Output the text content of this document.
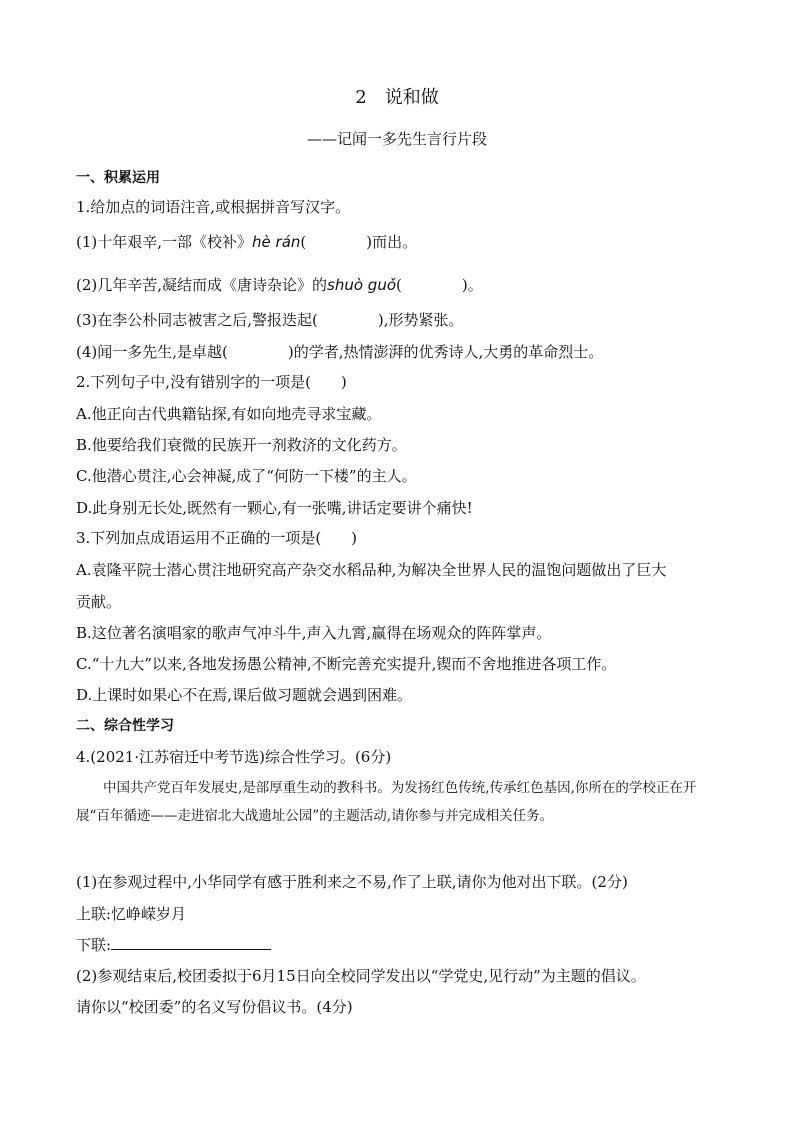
2　说和做
——记闻一多先生言行片段
一、积累运用
1.给加点的词语注音,或根据拼音写汉字。
(1)十年艰辛,一部《校补》hè rán(　　　　)而出。
(2)几年辛苦,凝结而成《唐诗杂论》的shuò guǒ(　　　　)。
(3)在李公朴同志被害之后,警报迭起(　　　　),形势紧张。
(4)闻一多先生,是卓越(　　　　)的学者,热情澎湃的优秀诗人,大勇的革命烈士。
2.下列句子中,没有错别字的一项是(　　)
A.他正向古代典籍钻探,有如向地壳寻求宝藏。
B.他要给我们衰微的民族开一剂救济的文化药方。
C.他潜心贯注,心会神凝,成了“何防一下楼”的主人。
D.此身别无长处,既然有一颗心,有一张嘴,讲话定要讲个痛快!
3.下列加点成语运用不正确的一项是(　　)
A.袁隆平院士潜心贯注地研究高产杂交水稻品种,为解决全世界人民的温饱问题做出了巨大
贡献。
B.这位著名演唱家的歌声气冲斗牛,声入九霄,赢得在场观众的阵阵掌声。
C.“十九大”以来,各地发扬愚公精神,不断完善充实提升,锲而不舍地推进各项工作。
D.上课时如果心不在焉,课后做习题就会遇到困难。
二、综合性学习
4.(2021·江苏宿迁中考节选)综合性学习。(6分)
中国共产党百年发展史,是部厚重生动的教科书。为发扬红色传统,传承红色基因,你所在的学校正在开展“百年循迹——走进宿北大战遗址公园”的主题活动,请你参与并完成相关任务。
(1)在参观过程中,小华同学有感于胜利来之不易,作了上联,请你为他对出下联。(2分)
上联:忆峥嵘岁月
下联:
(2)参观结束后,校团委拟于6月15日向全校同学发出以“学党史,见行动”为主题的倡议。
请你以“校团委”的名义写份倡议书。(4分)
